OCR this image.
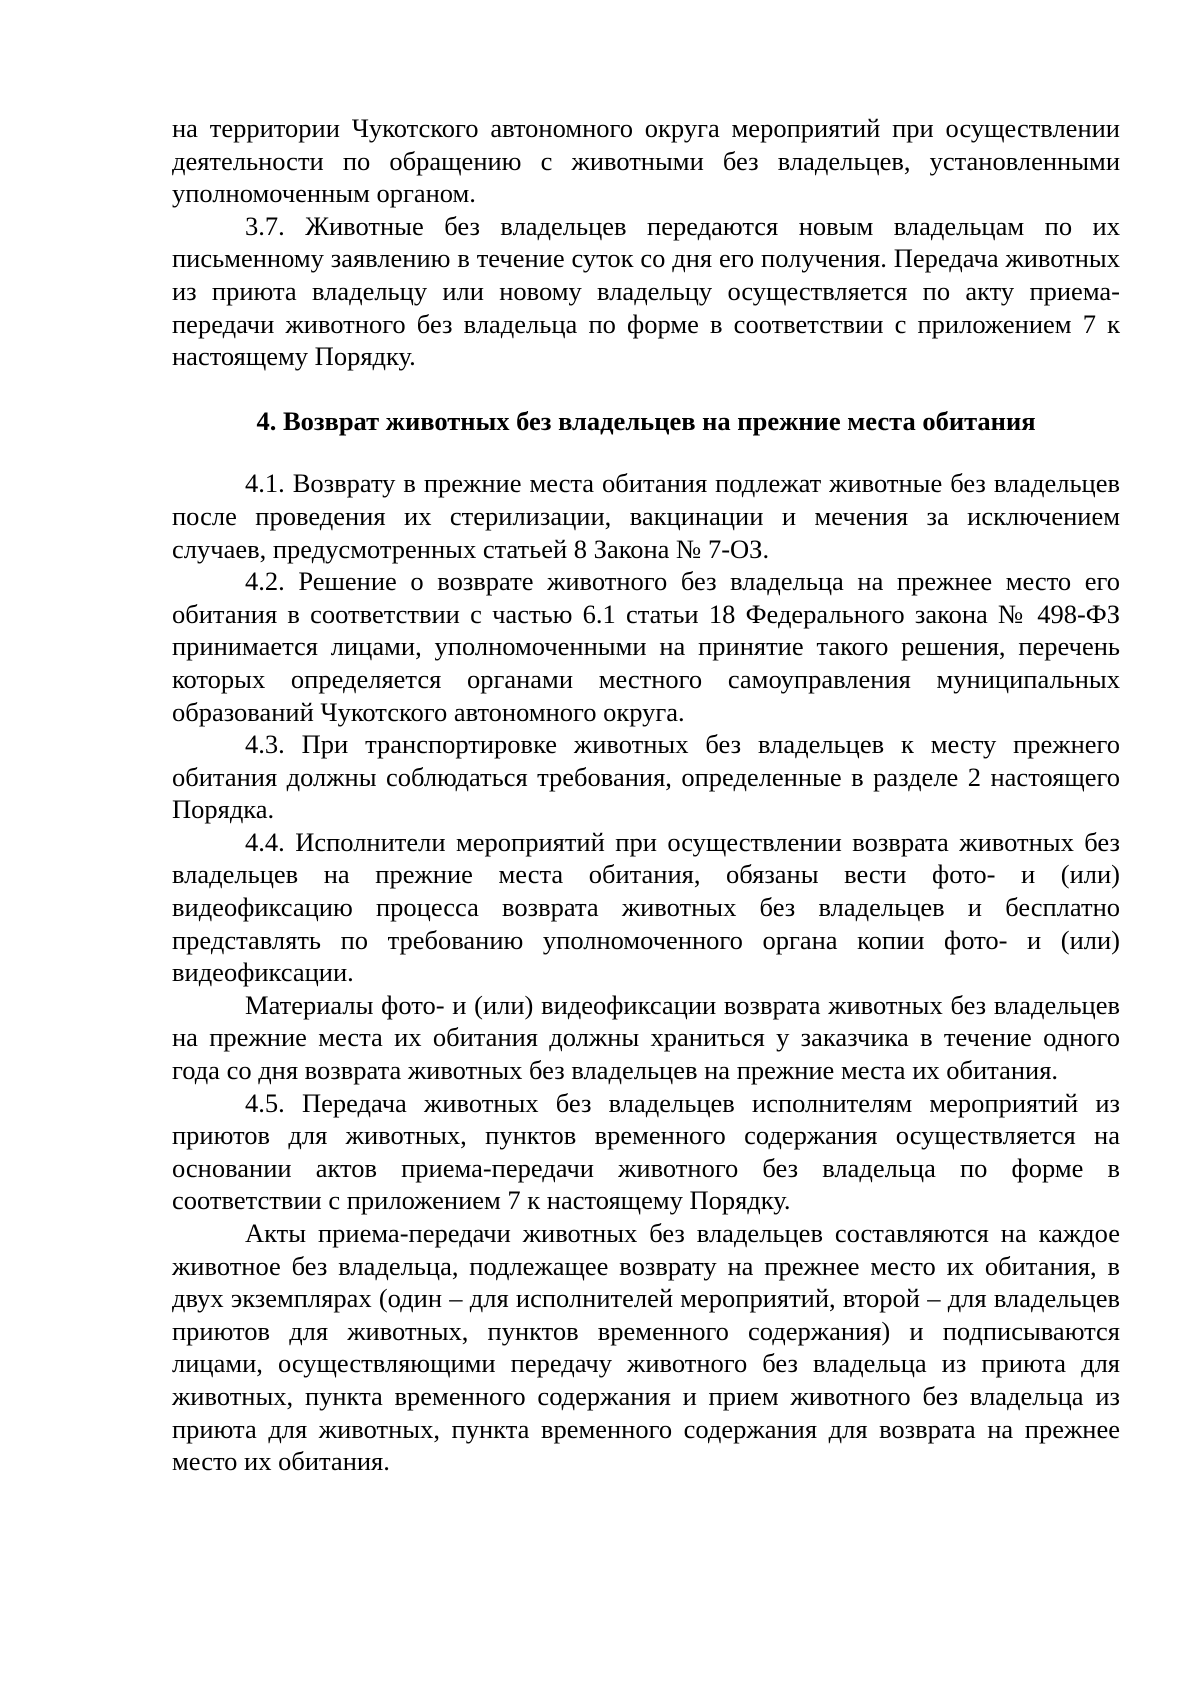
на территории Чукотского автономного округа мероприятий при осуществлении деятельности по обращению с животными без владельцев, установленными уполномоченным органом.

3.7. Животные без владельцев передаются новым владельцам по их письменному заявлению в течение суток со дня его получения. Передача животных из приюта владельцу или новому владельцу осуществляется по акту приема-передачи животного без владельца по форме в соответствии с приложением 7 к настоящему Порядку.

4. Возврат животных без владельцев на прежние места обитания

4.1. Возврату в прежние места обитания подлежат животные без владельцев после проведения их стерилизации, вакцинации и мечения за исключением случаев, предусмотренных статьей 8 Закона № 7-ОЗ.

4.2. Решение о возврате животного без владельца на прежнее место его обитания в соответствии с частью 6.1 статьи 18 Федерального закона № 498-ФЗ принимается лицами, уполномоченными на принятие такого решения, перечень которых определяется органами местного самоуправления муниципальных образований Чукотского автономного округа.

4.3. При транспортировке животных без владельцев к месту прежнего обитания должны соблюдаться требования, определенные в разделе 2 настоящего Порядка.

4.4. Исполнители мероприятий при осуществлении возврата животных без владельцев на прежние места обитания, обязаны вести фото- и (или) видеофиксацию процесса возврата животных без владельцев и бесплатно представлять по требованию уполномоченного органа копии фото- и (или) видеофиксации.

Материалы фото- и (или) видеофиксации возврата животных без владельцев на прежние места их обитания должны храниться у заказчика в течение одного года со дня возврата животных без владельцев на прежние места их обитания.

4.5. Передача животных без владельцев исполнителям мероприятий из приютов для животных, пунктов временного содержания осуществляется на основании актов приема-передачи животного без владельца по форме в соответствии с приложением 7 к настоящему Порядку.

Акты приема-передачи животных без владельцев составляются на каждое животное без владельца, подлежащее возврату на прежнее место их обитания, в двух экземплярах (один – для исполнителей мероприятий, второй – для владельцев приютов для животных, пунктов временного содержания) и подписываются лицами, осуществляющими передачу животного без владельца из приюта для животных, пункта временного содержания и прием животного без владельца из приюта для животных, пункта временного содержания для возврата на прежнее место их обитания.
